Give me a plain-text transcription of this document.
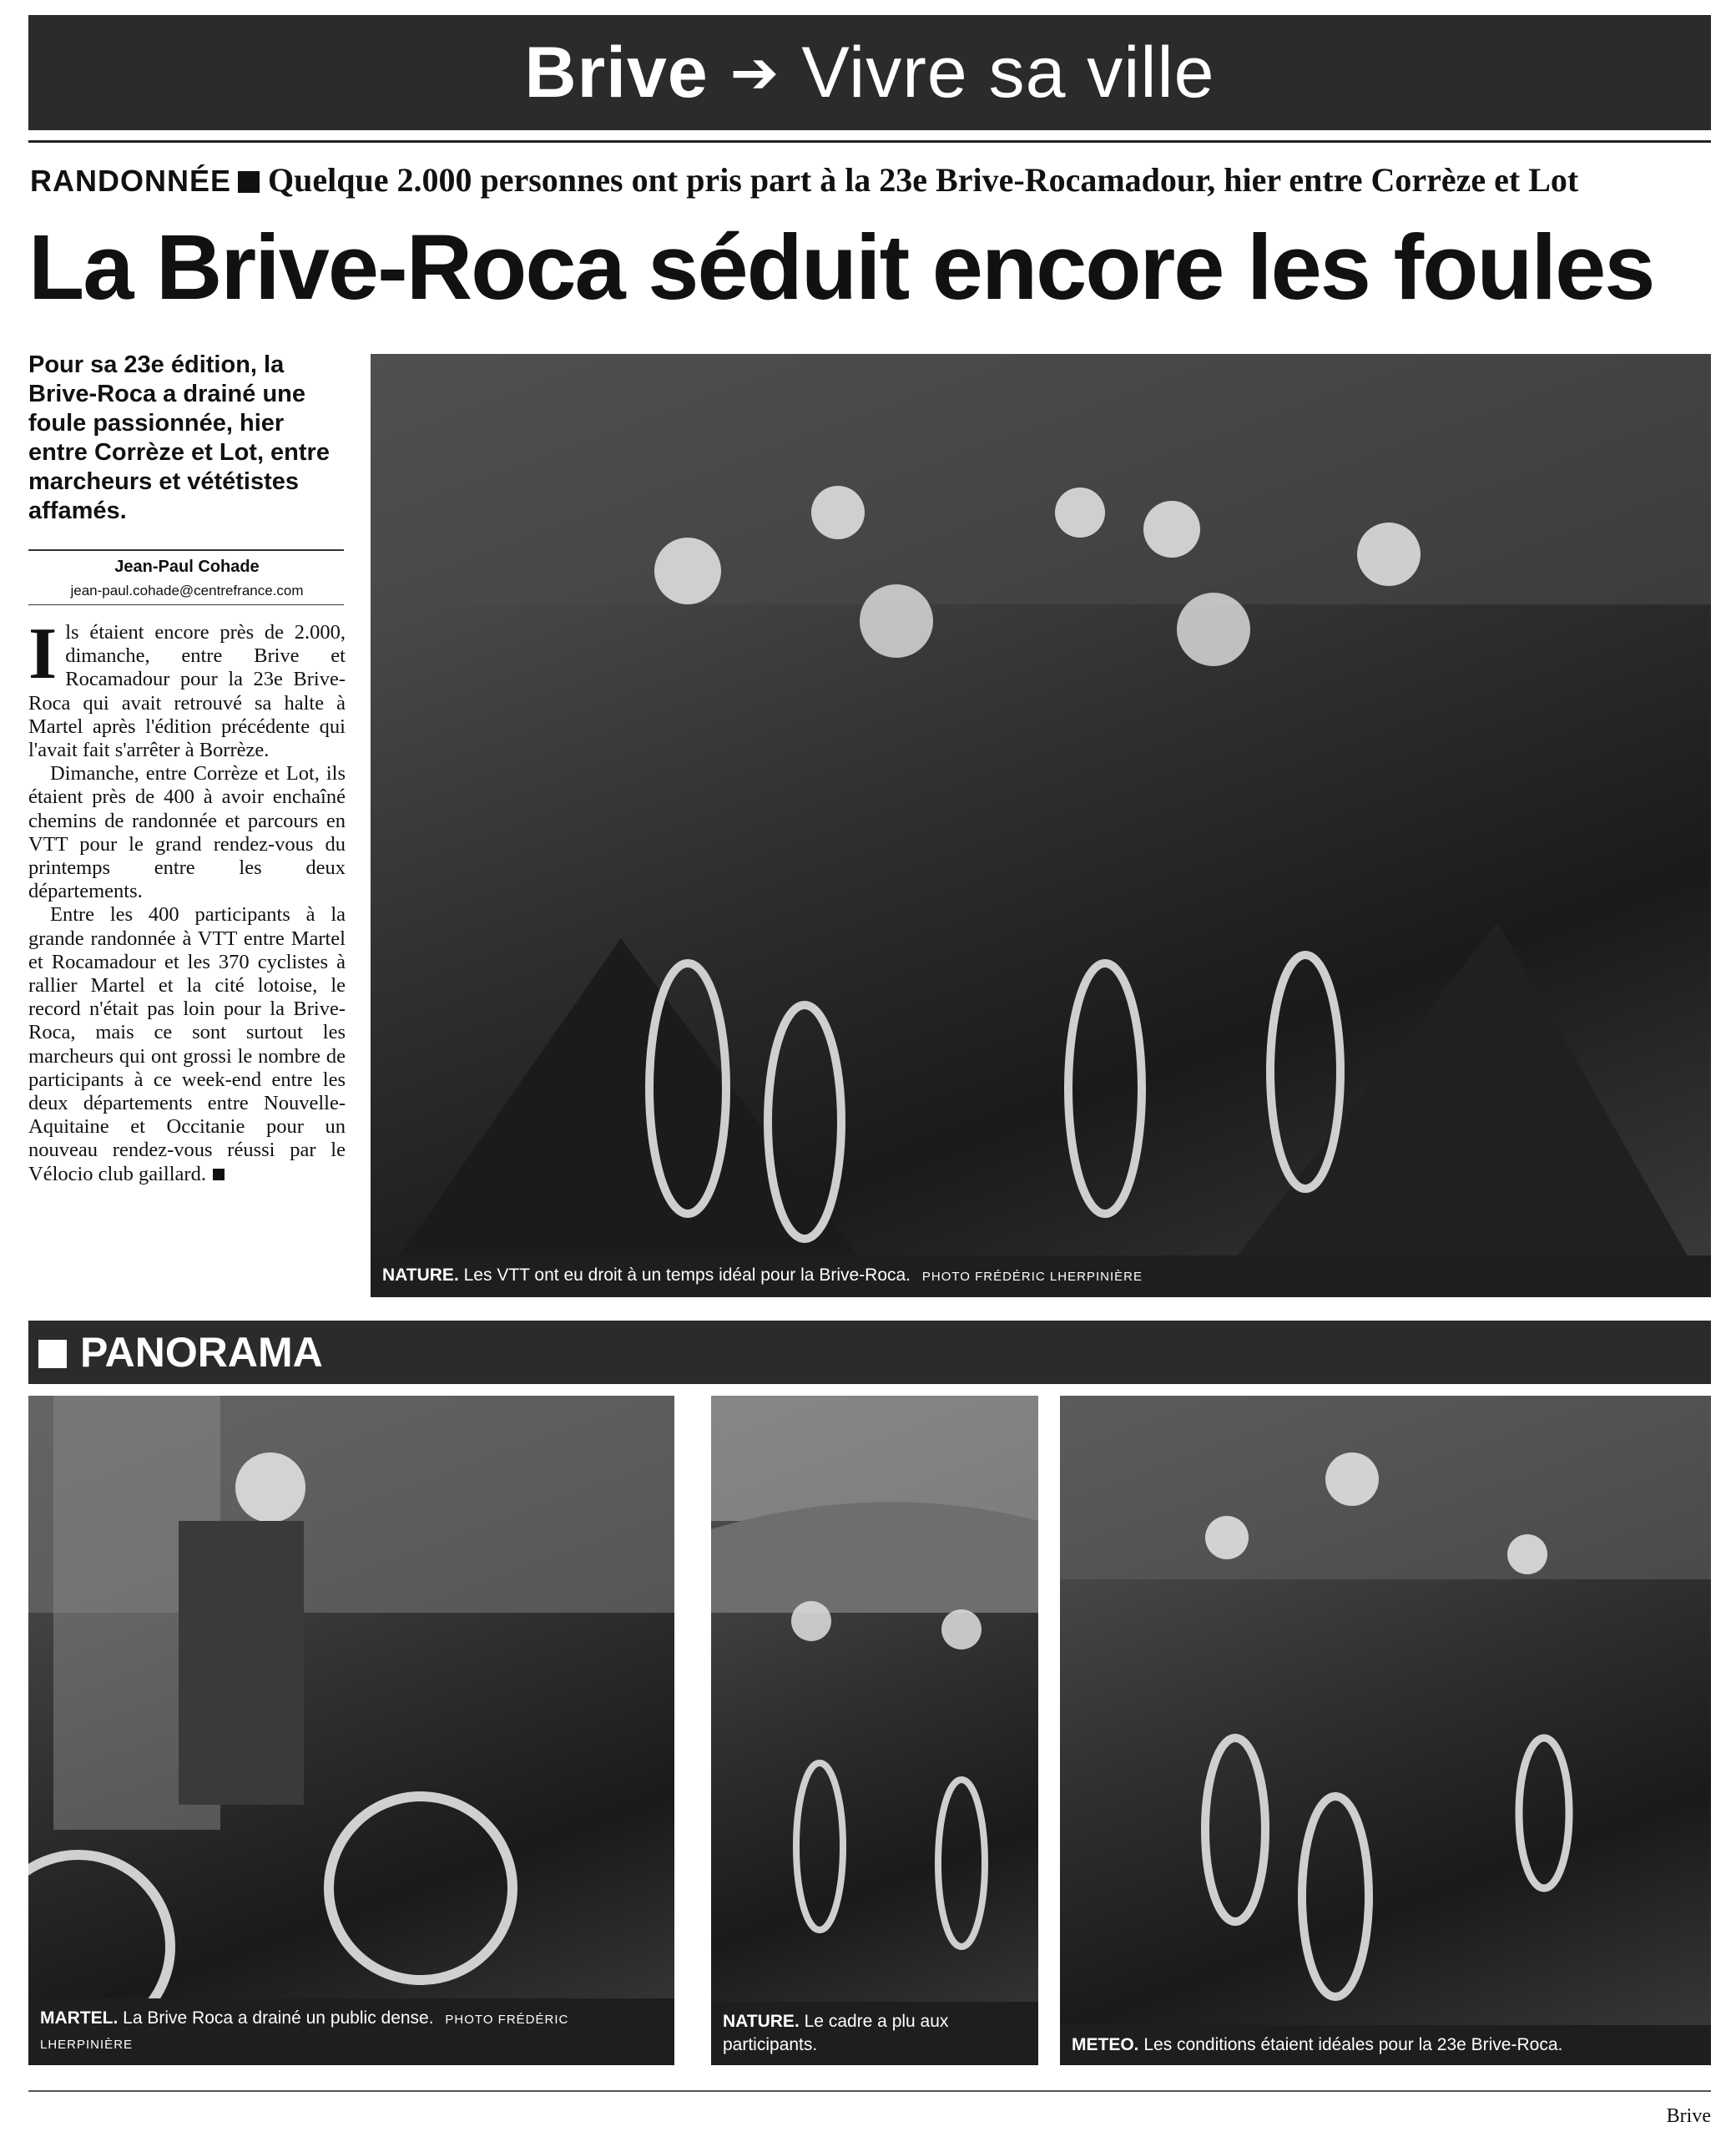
Brive ➔ Vivre sa ville
RANDONNÉE Quelque 2.000 personnes ont pris part à la 23e Brive-Rocamadour, hier entre Corrèze et Lot
La Brive-Roca séduit encore les foules
Pour sa 23e édition, la Brive-Roca a drainé une foule passionnée, hier entre Corrèze et Lot, entre marcheurs et vététistes affamés.
Jean-Paul Cohade
jean-paul.cohade@centrefrance.com

Ils étaient encore près de 2.000, dimanche, entre Brive et Rocamadour pour la 23e Brive-Roca qui avait retrouvé sa halte à Martel après l'édition précédente qui l'avait fait s'arrêter à Borrèze.

Dimanche, entre Corrèze et Lot, ils étaient près de 400 à avoir enchaîné chemins de randonnée et parcours en VTT pour le grand rendez-vous du printemps entre les deux départements.

Entre les 400 participants à la grande randonnée à VTT entre Martel et Rocamadour et les 370 cyclistes à rallier Martel et la cité lotoise, le record n'était pas loin pour la Brive-Roca, mais ce sont surtout les marcheurs qui ont grossi le nombre de participants à ce week-end entre les deux départements entre Nouvelle-Aquitaine et Occitanie pour un nouveau rendez-vous réussi par le Vélocio club gaillard.

NATURE. Les VTT ont eu droit à un temps idéal pour la Brive-Roca. PHOTO FRÉDÉRIC LHERPINIÈRE
PANORAMA
MARTEL. La Brive Roca a drainé un public dense. PHOTO FRÉDÉRIC LHERPINIÈRE
NATURE. Le cadre a plu aux participants.	METEO. Les conditions étaient idéales pour la 23e Brive-Roca.
Brive
